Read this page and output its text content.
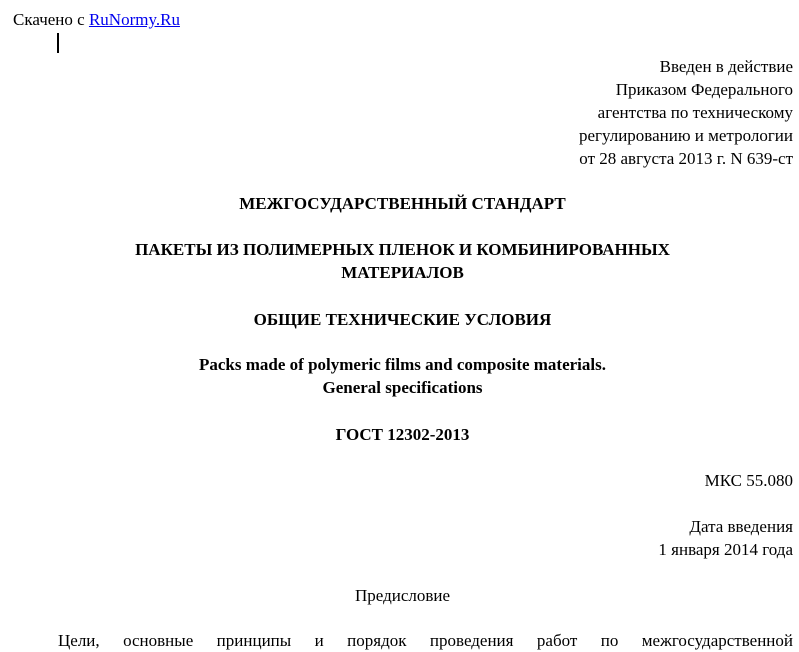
Скачено с RuNormy.Ru
Введен в действие
Приказом Федерального
агентства по техническому
регулированию и метрологии
от 28 августа 2013 г. N 639-ст
МЕЖГОСУДАРСТВЕННЫЙ СТАНДАРТ
ПАКЕТЫ ИЗ ПОЛИМЕРНЫХ ПЛЕНОК И КОМБИНИРОВАННЫХ
МАТЕРИАЛОВ
ОБЩИЕ ТЕХНИЧЕСКИЕ УСЛОВИЯ
Packs made of polymeric films and composite materials.
General specifications
ГОСТ 12302-2013
МКС 55.080
Дата введения
1 января 2014 года
Предисловие
Цели, основные принципы и порядок проведения работ по межгосударственной
